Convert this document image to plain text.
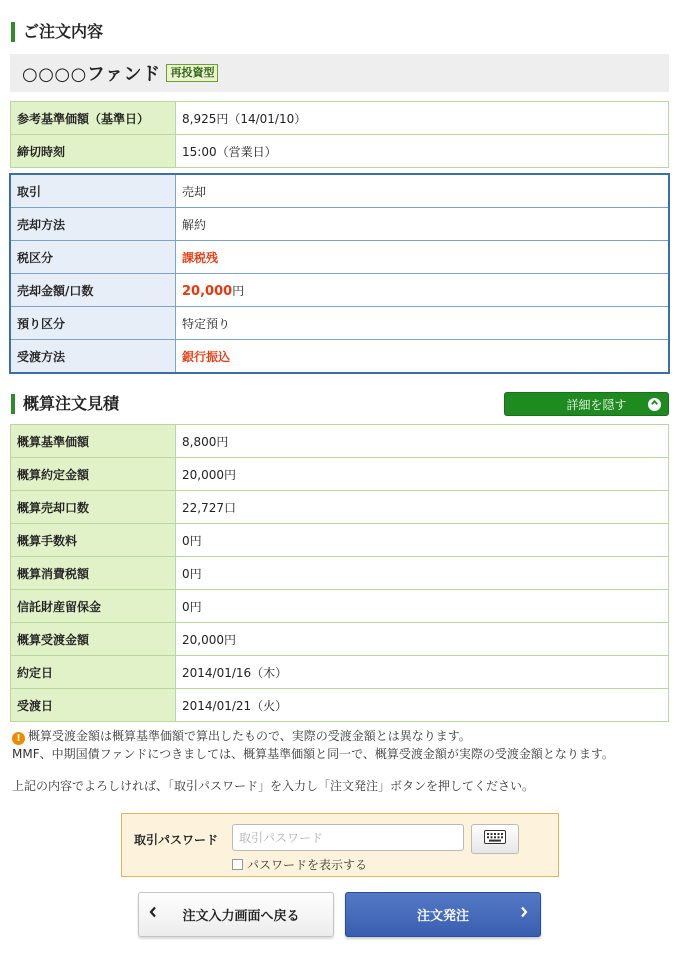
ご注文内容
○○○○ファンド 再投資型
参考基準価額（基準日）	8,925円（14/01/10）
締切時刻	15:00（営業日）
取引	売却
売却方法	解約
税区分	課税残
売却金額/口数	20,000円
預り区分	特定預り
受渡方法	銀行振込
概算注文見積	詳細を隠す
概算基準価額	8,800円
概算約定金額	20,000円
概算売却口数	22,727口
概算手数料	0円
概算消費税額	0円
信託財産留保金	0円
概算受渡金額	20,000円
約定日	2014/01/16（木）
受渡日	2014/01/21（火）
! 概算受渡金額は概算基準価額で算出したもので、実際の受渡金額とは異なります。
MMF、中期国債ファンドにつきましては、概算基準価額と同一で、概算受渡金額が実際の受渡金額となります。
上記の内容でよろしければ、「取引パスワード」を入力し「注文発注」ボタンを押してください。
取引パスワード
パスワードを表示する
注文入力画面へ戻る	注文発注
